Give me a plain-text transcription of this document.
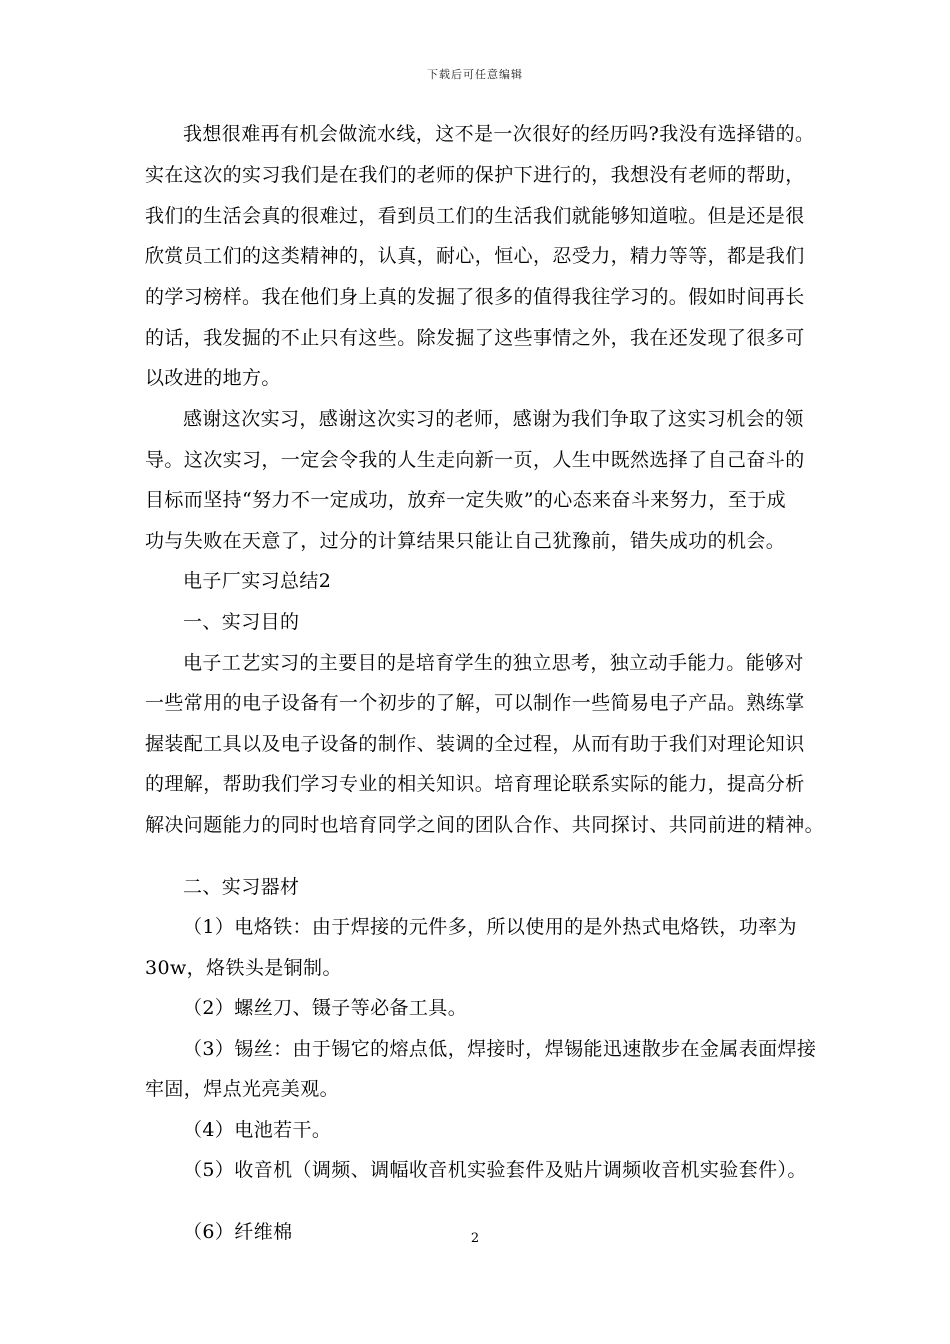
下载后可任意编辑
我想很难再有机会做流水线，这不是一次很好的经历吗?我没有选择错的。
实在这次的实习我们是在我们的老师的保护下进行的，我想没有老师的帮助，
我们的生活会真的很难过，看到员工们的生活我们就能够知道啦。但是还是很
欣赏员工们的这类精神的，认真，耐心，恒心，忍受力，精力等等，都是我们
的学习榜样。我在他们身上真的发掘了很多的值得我往学习的。假如时间再长
的话，我发掘的不止只有这些。除发掘了这些事情之外，我在还发现了很多可
以改进的地方。
感谢这次实习，感谢这次实习的老师，感谢为我们争取了这实习机会的领
导。这次实习，一定会令我的人生走向新一页，人生中既然选择了自己奋斗的
目标而坚持“努力不一定成功，放弃一定失败”的心态来奋斗来努力，至于成
功与失败在天意了，过分的计算结果只能让自己犹豫前，错失成功的机会。
电子厂实习总结2
一、实习目的
电子工艺实习的主要目的是培育学生的独立思考，独立动手能力。能够对
一些常用的电子设备有一个初步的了解，可以制作一些简易电子产品。熟练掌
握装配工具以及电子设备的制作、装调的全过程，从而有助于我们对理论知识
的理解，帮助我们学习专业的相关知识。培育理论联系实际的能力，提高分析
解决问题能力的同时也培育同学之间的团队合作、共同探讨、共同前进的精神。
二、实习器材
（1）电烙铁：由于焊接的元件多，所以使用的是外热式电烙铁，功率为
30w，烙铁头是铜制。
（2）螺丝刀、镊子等必备工具。
（3）锡丝：由于锡它的熔点低，焊接时，焊锡能迅速散步在金属表面焊接
牢固，焊点光亮美观。
（4）电池若干。
（5）收音机（调频、调幅收音机实验套件及贴片调频收音机实验套件）。
（6）纤维棉	2
